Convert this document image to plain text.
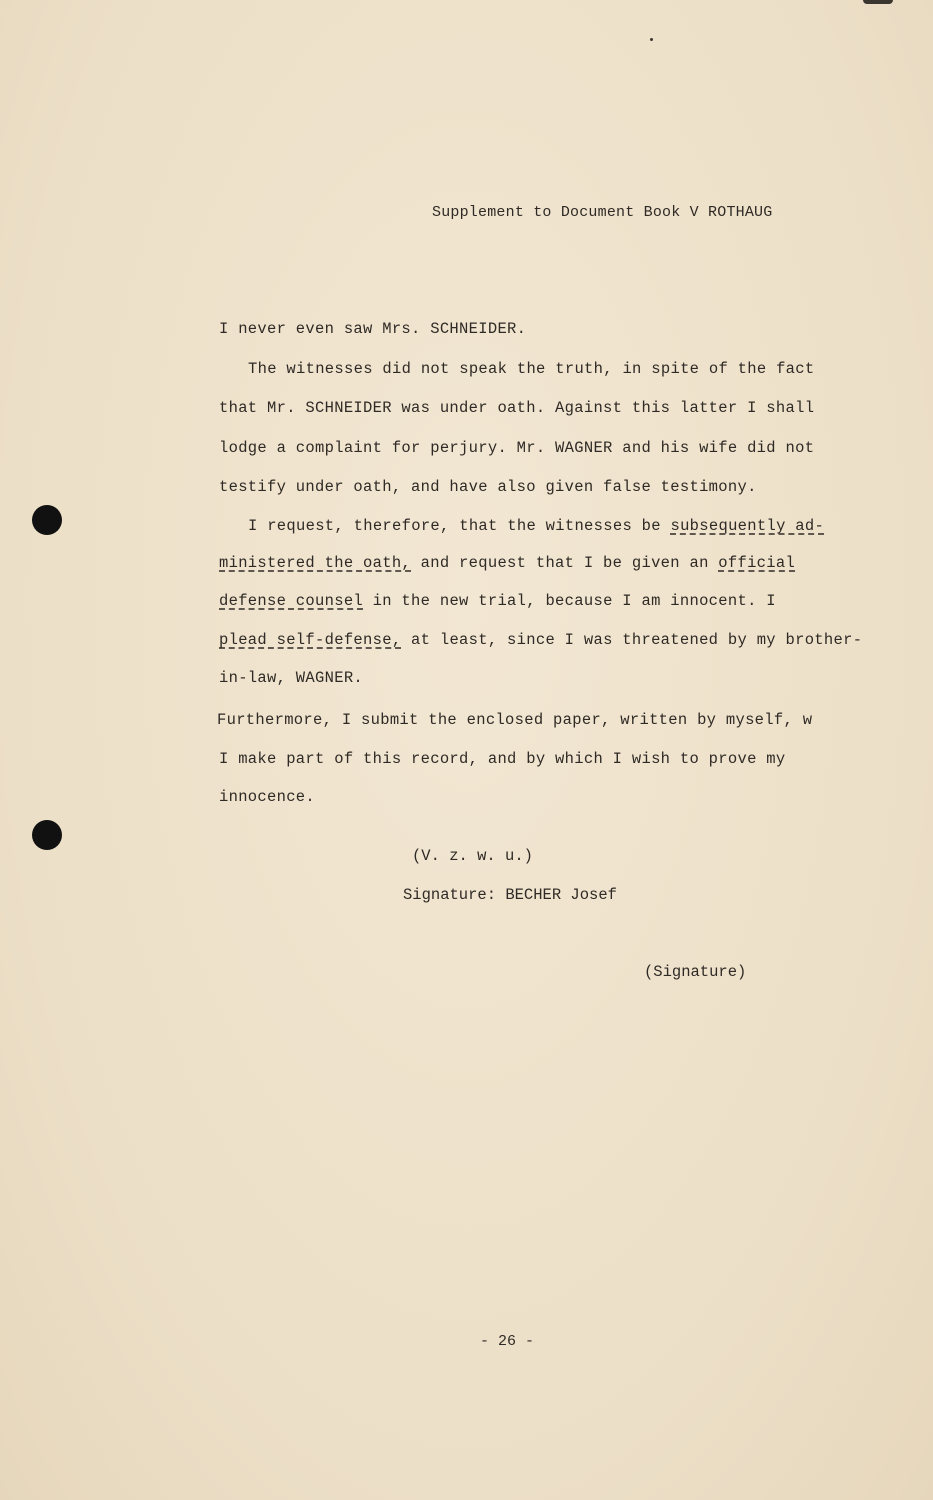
Supplement to Document Book V ROTHAUG
I never even saw Mrs. SCHNEIDER.
The witnesses did not speak the truth, in spite of the fact
that Mr. SCHNEIDER was under oath. Against this latter I shall
lodge a complaint for perjury. Mr. WAGNER and his wife did not
testify under oath, and have also given false testimony.
I request, therefore, that the witnesses be subsequently ad-
ministered the oath, and request that I be given an official
defense counsel in the new trial, because I am innocent. I
plead self-defense, at least, since I was threatened by my brother-
in-law, WAGNER.
Furthermore, I submit the enclosed paper, written by myself, w
I make part of this record, and by which I wish to prove my
innocence.
(V. z. w. u.)
Signature: BECHER Josef
(Signature)
- 26 -
